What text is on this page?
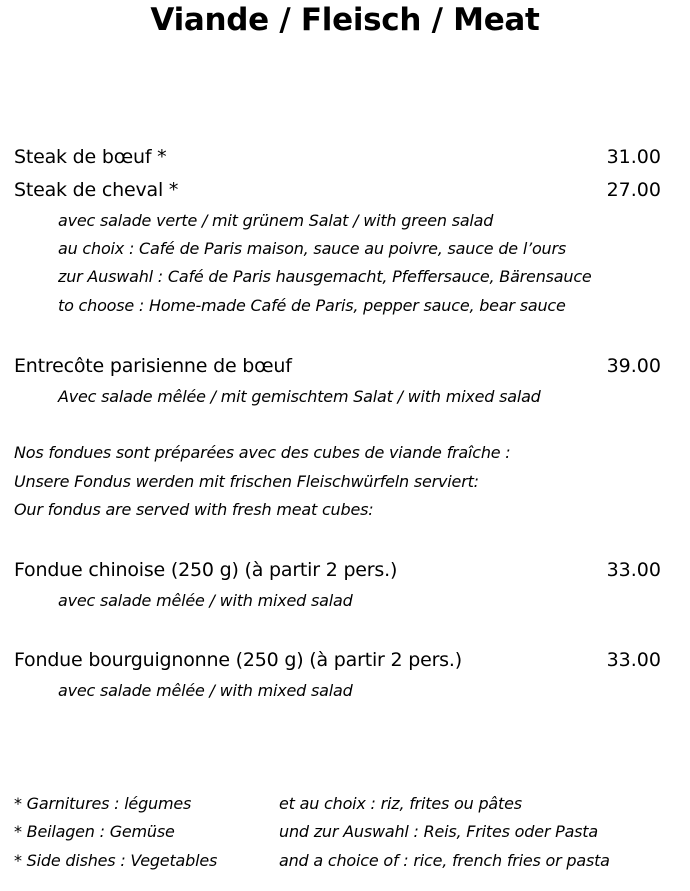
Viande / Fleisch / Meat
Steak de bœuf *	31.00
Steak de cheval *	27.00
avec salade verte / mit grünem Salat / with green salad
au choix : Café de Paris maison, sauce au poivre, sauce de l’ours
zur Auswahl : Café de Paris hausgemacht, Pfeffersauce, Bärensauce
to choose : Home-made Café de Paris, pepper sauce, bear sauce
Entrecôte parisienne de bœuf	39.00
Avec salade mêlée / mit gemischtem Salat / with mixed salad
Nos fondues sont préparées avec des cubes de viande fraîche :
Unsere Fondus werden mit frischen Fleischwürfeln serviert:
Our fondus are served with fresh meat cubes:
Fondue chinoise (250 g) (à partir 2 pers.)	33.00
avec salade mêlée / with mixed salad
Fondue bourguignonne (250 g) (à partir 2 pers.)	33.00
avec salade mêlée / with mixed salad
* Garnitures : légumes	et au choix : riz, frites ou pâtes
* Beilagen : Gemüse	und zur Auswahl : Reis, Frites oder Pasta
* Side dishes : Vegetables	and a choice of : rice, french fries or pasta
